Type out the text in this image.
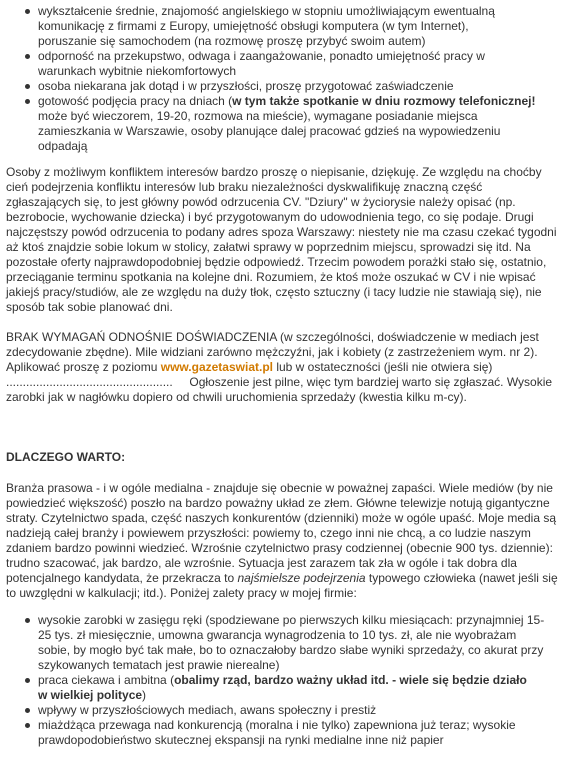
wykształcenie średnie, znajomość angielskiego w stopniu umożliwiającym ewentualną komunikację z firmami z Europy, umiejętność obsługi komputera (w tym Internet), poruszanie się samochodem (na rozmowę proszę przybyć swoim autem)
odporność na przekupstwo, odwaga i zaangażowanie, ponadto umiejętność pracy w warunkach wybitnie niekomfortowych
osoba niekarana jak dotąd i w przyszłości, proszę przygotować zaświadczenie
gotowość podjęcia pracy na dniach (w tym także spotkanie w dniu rozmowy telefonicznej! może być wieczorem, 19-20, rozmowa na mieście), wymagane posiadanie miejsca zamieszkania w Warszawie, osoby planujące dalej pracować gdzieś na wypowiedzeniu odpadają

Osoby z możliwym konfliktem interesów bardzo proszę o niepisanie, dziękuję. Ze względu na choćby cień podejrzenia konfliktu interesów lub braku niezależności dyskwalifikuję znaczną część zgłaszających się, to jest główny powód odrzucenia CV. "Dziury" w życiorysie należy opisać (np. bezrobocie, wychowanie dziecka) i być przygotowanym do udowodnienia tego, co się podaje. Drugi najczęstszy powód odrzucenia to podany adres spoza Warszawy: niestety nie ma czasu czekać tygodni aż ktoś znajdzie sobie lokum w stolicy, załatwi sprawy w poprzednim miejscu, sprowadzi się itd. Na pozostałe oferty najprawdopodobniej będzie odpowiedź. Trzecim powodem porażki stało się, ostatnio, przeciąganie terminu spotkania na kolejne dni. Rozumiem, że ktoś może oszukać w CV i nie wpisać jakiejś pracy/studiów, ale ze względu na duży tłok, często sztuczny (i tacy ludzie nie stawiają się), nie sposób tak sobie planować dni.

BRAK WYMAGAŃ ODNOŚNIE DOŚWIADCZENIA (w szczególności, doświadczenie w mediach jest zdecydowanie zbędne). Mile widziani zarówno mężczyźni, jak i kobiety (z zastrzeżeniem wym. nr 2). Aplikować proszę z poziomu www.gazetaswiat.pl lub w ostateczności (jeśli nie otwiera się)
..................................................     Ogłoszenie jest pilne, więc tym bardziej warto się zgłaszać. Wysokie zarobki jak w nagłówku dopiero od chwili uruchomienia sprzedaży (kwestia kilku m-cy).

DLACZEGO WARTO:

Branża prasowa - i w ogóle medialna - znajduje się obecnie w poważnej zapaści. Wiele mediów (by nie powiedzieć większość) poszło na bardzo poważny układ ze złem. Główne telewizje notują gigantyczne straty. Czytelnictwo spada, część naszych konkurentów (dzienniki) może w ogóle upaść. Moje media są nadzieją całej branży i powiewem przyszłości: powiemy to, czego inni nie chcą, a co ludzie naszym zdaniem bardzo powinni wiedzieć. Wzrośnie czytelnictwo prasy codziennej (obecnie 900 tys. dziennie): trudno szacować, jak bardzo, ale wzrośnie. Sytuacja jest zarazem tak zła w ogóle i tak dobra dla potencjalnego kandydata, że przekracza to najśmielsze podejrzenia typowego człowieka (nawet jeśli się to uwzględni w kalkulacji; itd.). Poniżej zalety pracy w mojej firmie:

wysokie zarobki w zasięgu ręki (spodziewane po pierwszych kilku miesiącach: przynajmniej 15-25 tys. zł miesięcznie, umowna gwarancja wynagrodzenia to 10 tys. zł, ale nie wyobrażam sobie, by mogło być tak małe, bo to oznaczałoby bardzo słabe wyniki sprzedaży, co akurat przy szykowanych tematach jest prawie nierealne)
praca ciekawa i ambitna (obalimy rząd, bardzo ważny układ itd. - wiele się będzie działo w wielkiej polityce)
wpływy w przyszłościowych mediach, awans społeczny i prestiż
miażdżąca przewaga nad konkurencją (moralna i nie tylko) zapewniona już teraz; wysokie prawdopodobieństwo skutecznej ekspansji na rynki medialne inne niż papier
